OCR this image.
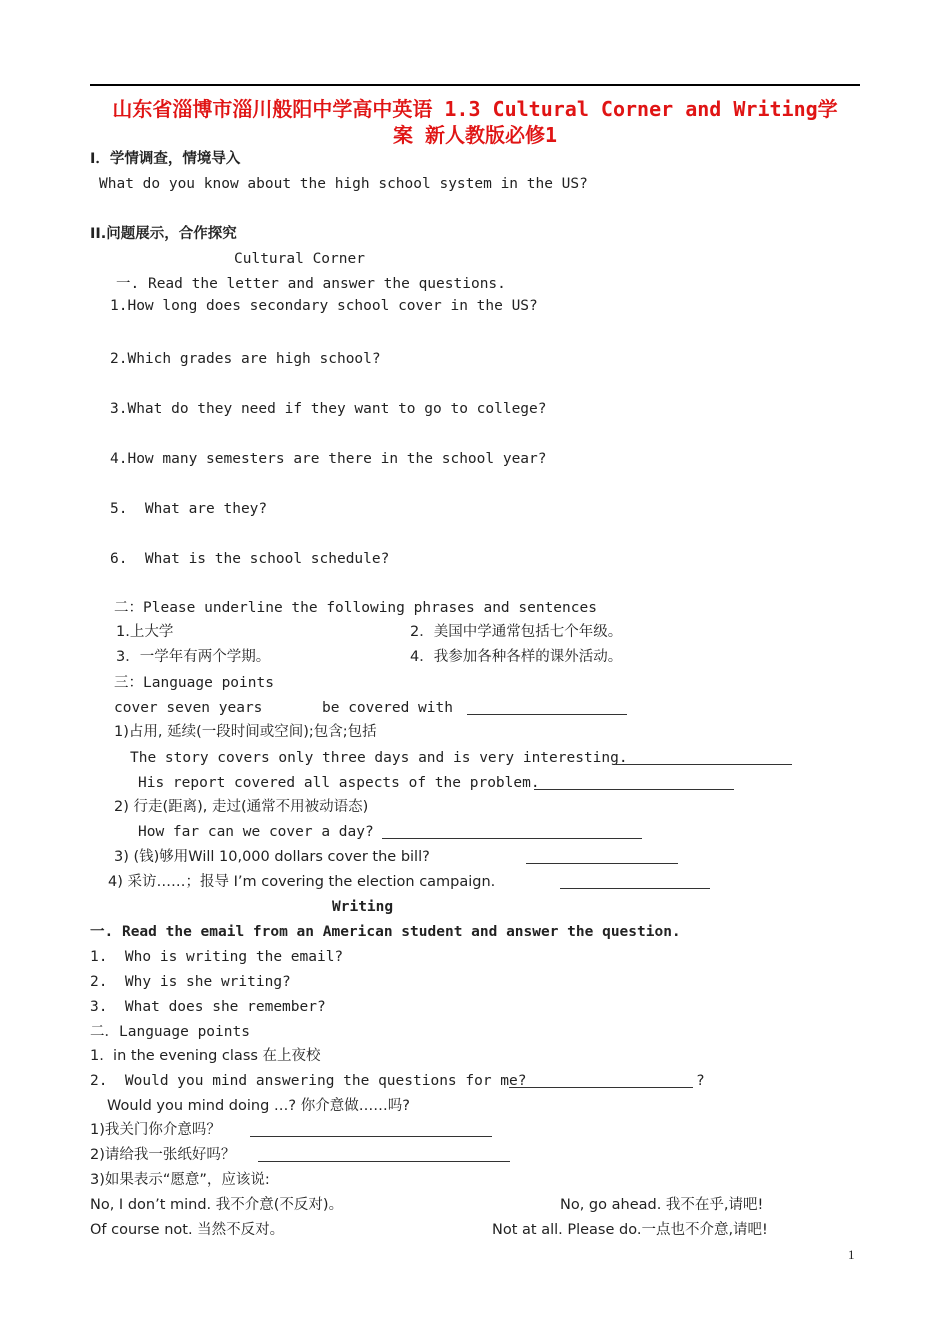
山东省淄博市淄川般阳中学高中英语 1.3 Cultural Corner and Writing学
案 新人教版必修1
I．学情调查，情境导入
What do you know about the high school system in the US?
II.问题展示，合作探究
Cultural Corner
一. Read the letter and answer the questions.
1.How long does secondary school cover in the US?
2.Which grades are high school?
3.What do they need if they want to go to college?
4.How many semesters are there in the school year?
5.  What are they?
6.  What is the school schedule?
二：Please underline the following phrases and sentences
1.上大学	2．美国中学通常包括七个年级。
3．一学年有两个学期。	4．我参加各种各样的课外活动。
三：Language points
cover seven years	be covered with
1)占用, 延续(一段时间或空间);包含;包括
The story covers only three days and is very interesting.
His report covered all aspects of the problem.
2) 行走(距离), 走过(通常不用被动语态)
How far can we cover a day?
3) (钱)够用Will 10,000 dollars cover the bill?
4) 采访……；报导 I’m covering the election campaign.
Writing
一. Read the email from an American student and answer the question.
1.  Who is writing the email?
2.  Why is she writing?
3.  What does she remember?
二．Language points
1.  in the evening class 在上夜校
2.  Would you mind answering the questions for me?	?
Would you mind doing …? 你介意做……吗?
1)我关门你介意吗？
2)请给我一张纸好吗？
3)如果表示“愿意”，应该说:
No, I don’t mind. 我不介意(不反对)。	No, go ahead. 我不在乎,请吧!
Of course not. 当然不反对。	Not at all. Please do.一点也不介意,请吧!
1
